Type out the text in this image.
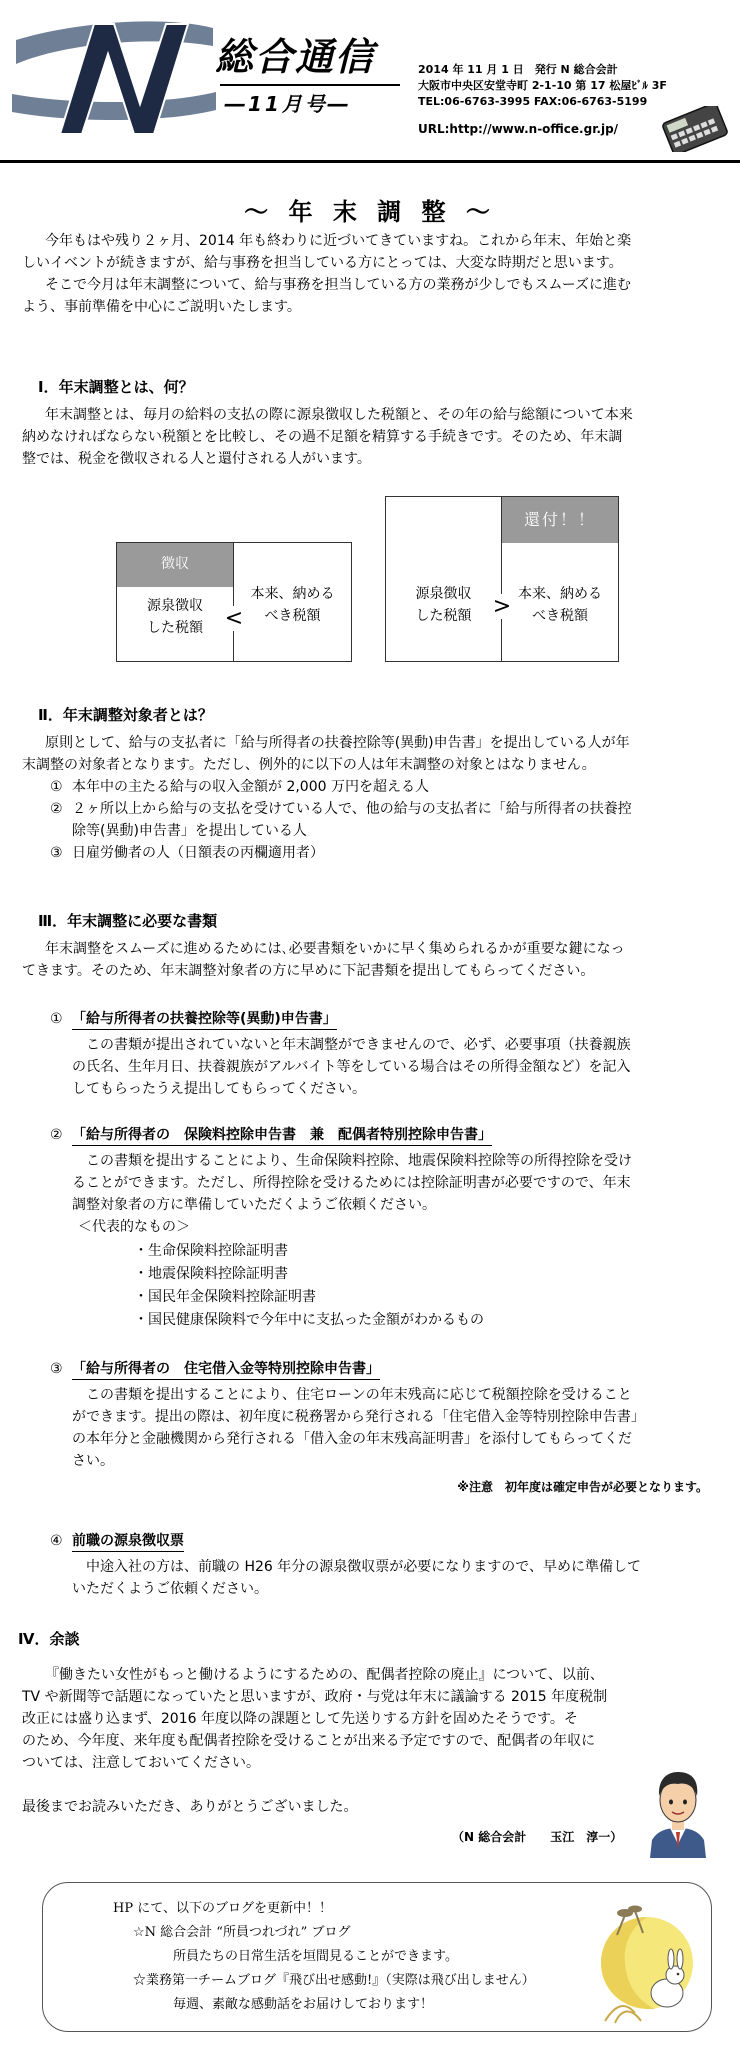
総合通信
―11月号―
2014 年 11 月 1 日　発行 N 総合会計
大阪市中央区安堂寺町 2-1-10 第 17 松屋ﾋﾞﾙ 3F
TEL:06-6763-3995 FAX:06-6763-5199
URL:http://www.n-office.gr.jp/
～ 年 末 調 整 ～
今年もはや残り２ヶ月、2014 年も終わりに近づいてきていますね。これから年末、年始と楽
しいイベントが続きますが、給与事務を担当している方にとっては、大変な時期だと思います。
そこで今月は年末調整について、給与事務を担当している方の業務が少しでもスムーズに進む
よう、事前準備を中心にご説明いたします。
Ⅰ．年末調整とは、何？
年末調整とは、毎月の給料の支払の際に源泉徴収した税額と、その年の給与総額について本来
納めなければならない税額とを比較し、その過不足額を精算する手続きです。そのため、年末調
整では、税金を徴収される人と還付される人がいます。
徴収
源泉徴収
した税額
本来、納める
べき税額
<
源泉徴収
した税額
還付！！
本来、納める
べき税額
>
Ⅱ．年末調整対象者とは？
原則として、給与の支払者に「給与所得者の扶養控除等(異動)申告書」を提出している人が年
末調整の対象者となります。ただし、例外的に以下の人は年末調整の対象とはなりません。
① 本年中の主たる給与の収入金額が 2,000 万円を超える人
② ２ヶ所以上から給与の支払を受けている人で、他の給与の支払者に「給与所得者の扶養控
除等(異動)申告書」を提出している人
③ 日雇労働者の人（日額表の丙欄適用者）
Ⅲ．年末調整に必要な書類
年末調整をスムーズに進めるためには､必要書類をいかに早く集められるかが重要な鍵になっ
てきます。そのため、年末調整対象者の方に早めに下記書類を提出してもらってください。
① 「給与所得者の扶養控除等(異動)申告書」
この書類が提出されていないと年末調整ができませんので、必ず、必要事項（扶養親族
の氏名、生年月日、扶養親族がアルバイト等をしている場合はその所得金額など）を記入
してもらったうえ提出してもらってください。
② 「給与所得者の　保険料控除申告書　兼　配偶者特別控除申告書」
この書類を提出することにより、生命保険料控除、地震保険料控除等の所得控除を受け
ることができます。ただし、所得控除を受けるためには控除証明書が必要ですので、年末
調整対象者の方に準備していただくようご依頼ください。
＜代表的なもの＞
・生命保険料控除証明書
・地震保険料控除証明書
・国民年金保険料控除証明書
・国民健康保険料で今年中に支払った金額がわかるもの
③ 「給与所得者の　住宅借入金等特別控除申告書」
この書類を提出することにより、住宅ローンの年末残高に応じて税額控除を受けること
ができます。提出の際は、初年度に税務署から発行される「住宅借入金等特別控除申告書」
の本年分と金融機関から発行される「借入金の年末残高証明書」を添付してもらってくだ
さい。
※注意　初年度は確定申告が必要となります。
④ 前職の源泉徴収票
中途入社の方は、前職の H26 年分の源泉徴収票が必要になりますので、早めに準備して
いただくようご依頼ください。
Ⅳ．余談
『働きたい女性がもっと働けるようにするための、配偶者控除の廃止』について、以前、
TV や新聞等で話題になっていたと思いますが、政府・与党は年末に議論する 2015 年度税制
改正には盛り込まず、2016 年度以降の課題として先送りする方針を固めたそうです。そ
のため、今年度、来年度も配偶者控除を受けることが出来る予定ですので、配偶者の年収に
ついては、注意しておいてください。
最後までお読みいただき、ありがとうございました。
（N 総合会計　　玉江　淳一）
HP にて、以下のブログを更新中！！
☆N 総合会計 “所員つれづれ” ブログ
所員たちの日常生活を垣間見ることができます。
☆業務第一チームブログ『飛び出せ感動!』（実際は飛び出しません）
毎週、素敵な感動話をお届けしております！
